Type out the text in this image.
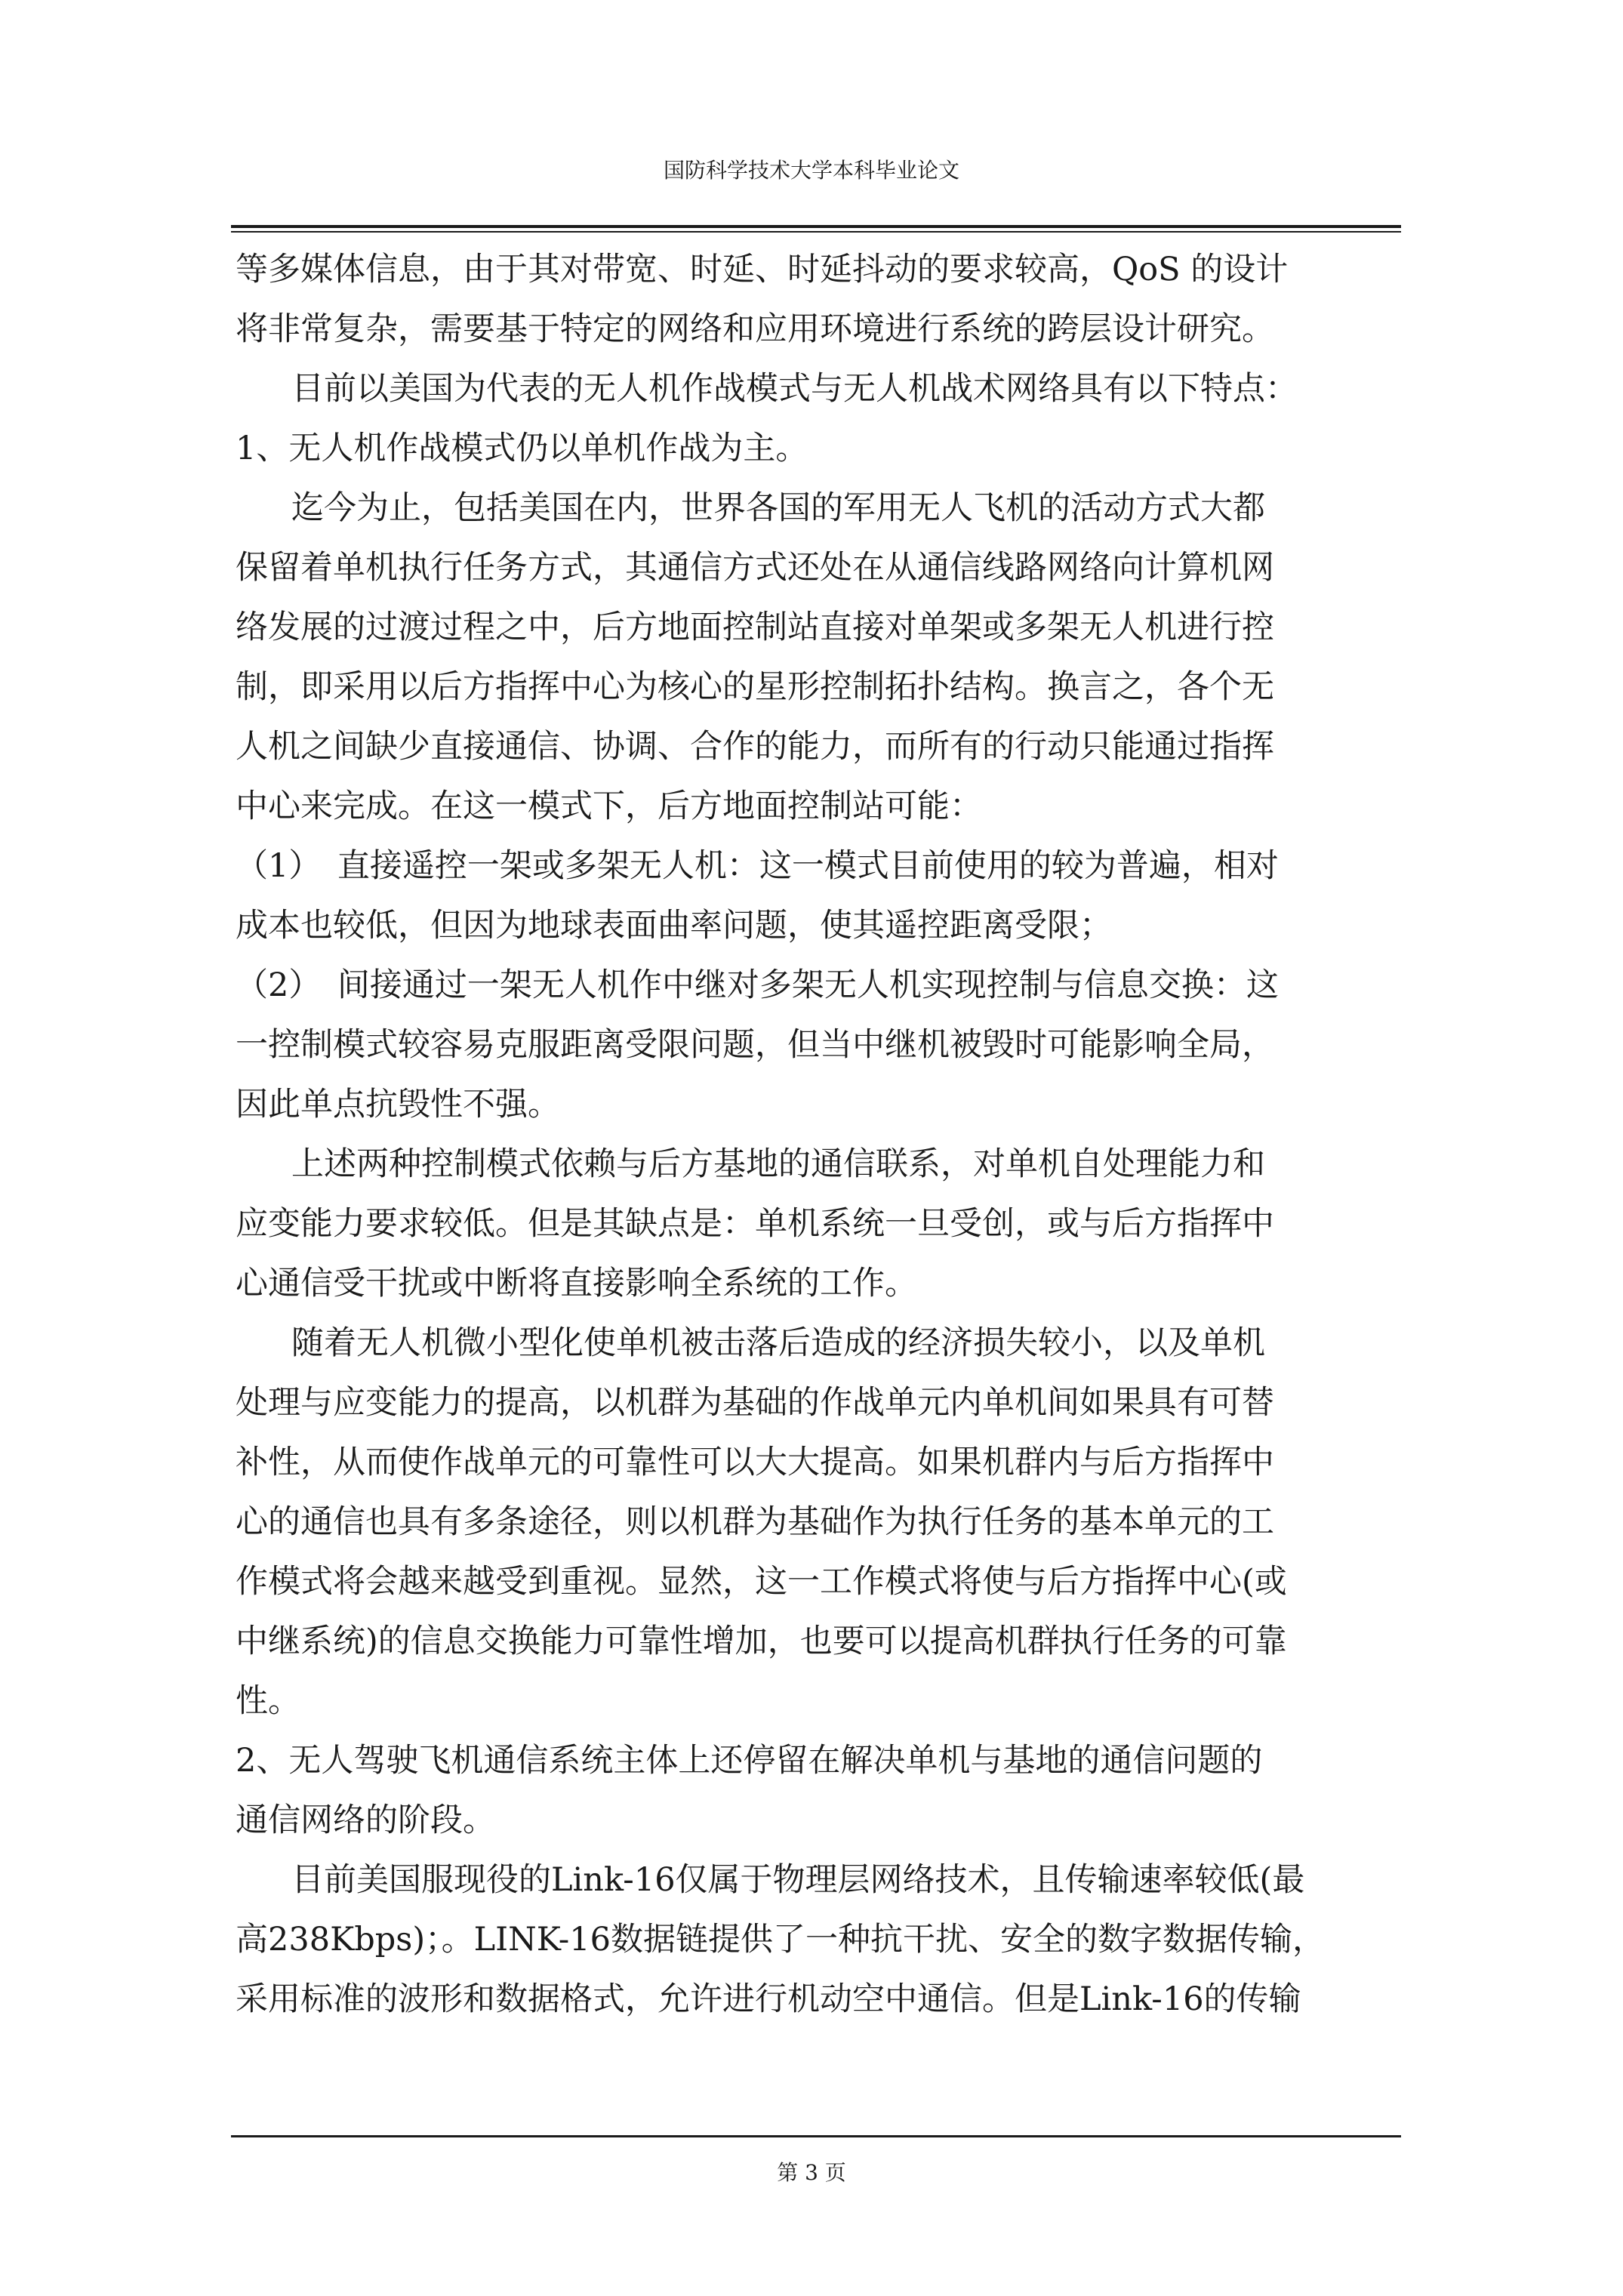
国防科学技术大学本科毕业论文
等多媒体信息，由于其对带宽、时延、时延抖动的要求较高，QoS 的设计
将非常复杂，需要基于特定的网络和应用环境进行系统的跨层设计研究。
目前以美国为代表的无人机作战模式与无人机战术网络具有以下特点：
1、无人机作战模式仍以单机作战为主。
迄今为止，包括美国在内，世界各国的军用无人飞机的活动方式大都
保留着单机执行任务方式，其通信方式还处在从通信线路网络向计算机网
络发展的过渡过程之中，后方地面控制站直接对单架或多架无人机进行控
制，即采用以后方指挥中心为核心的星形控制拓扑结构。换言之，各个无
人机之间缺少直接通信、协调、合作的能力，而所有的行动只能通过指挥
中心来完成。在这一模式下，后方地面控制站可能：
（1）　直接遥控一架或多架无人机：这一模式目前使用的较为普遍，相对
成本也较低，但因为地球表面曲率问题，使其遥控距离受限；
（2）　间接通过一架无人机作中继对多架无人机实现控制与信息交换：这
一控制模式较容易克服距离受限问题，但当中继机被毁时可能影响全局，
因此单点抗毁性不强。
上述两种控制模式依赖与后方基地的通信联系，对单机自处理能力和
应变能力要求较低。但是其缺点是：单机系统一旦受创，或与后方指挥中
心通信受干扰或中断将直接影响全系统的工作。
随着无人机微小型化使单机被击落后造成的经济损失较小，以及单机
处理与应变能力的提高，以机群为基础的作战单元内单机间如果具有可替
补性，从而使作战单元的可靠性可以大大提高。如果机群内与后方指挥中
心的通信也具有多条途径，则以机群为基础作为执行任务的基本单元的工
作模式将会越来越受到重视。显然，这一工作模式将使与后方指挥中心(或
中继系统)的信息交换能力可靠性增加，也要可以提高机群执行任务的可靠
性。
2、无人驾驶飞机通信系统主体上还停留在解决单机与基地的通信问题的
通信网络的阶段。
目前美国服现役的Link-16仅属于物理层网络技术，且传输速率较低(最
高238Kbps)；。LINK-16数据链提供了一种抗干扰、安全的数字数据传输，
采用标准的波形和数据格式，允许进行机动空中通信。但是Link-16的传输
第 3 页
